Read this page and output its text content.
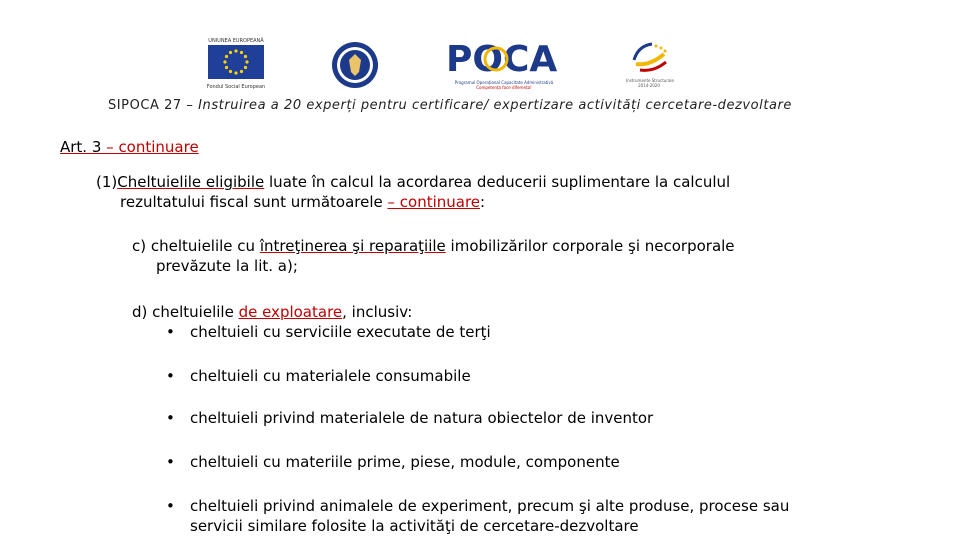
UNIUNEA EUROPEANĂ
Fondul Social European
POCA
Programul Operațional Capacitate Administrativă
Competența face diferența!
Instrumente Structurale
2014-2020
SIPOCA 27 – Instruirea a 20 experți pentru certificare/ expertizare activități cercetare-dezvoltare
Art. 3 – continuare
(1)Cheltuielile eligibile luate în calcul la acordarea deducerii suplimentare la calculul
rezultatului fiscal sunt următoarele – continuare:
c) cheltuielile cu întreţinerea şi reparaţiile imobilizărilor corporale şi necorporale
prevăzute la lit. a);
d) cheltuielile de exploatare, inclusiv:
• cheltuieli cu serviciile executate de terţi
• cheltuieli cu materialele consumabile
• cheltuieli privind materialele de natura obiectelor de inventor
• cheltuieli cu materiile prime, piese, module, componente
• cheltuieli privind animalele de experiment, precum şi alte produse, procese sau
servicii similare folosite la activităţi de cercetare-dezvoltare
